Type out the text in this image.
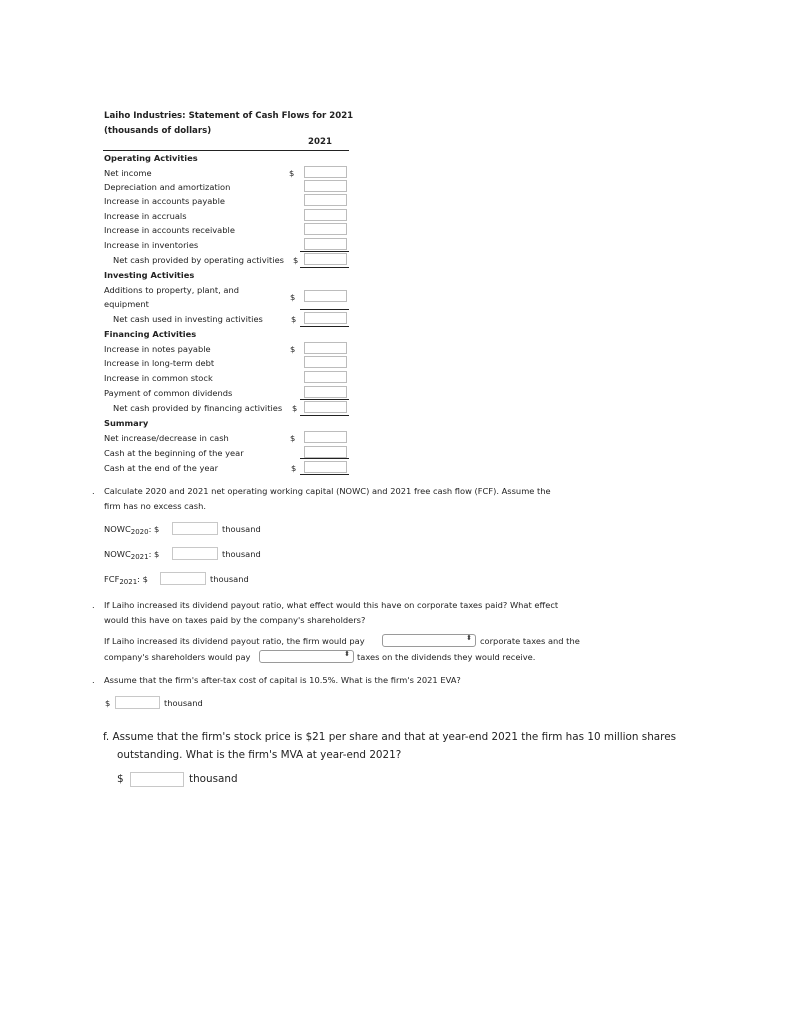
Laiho Industries: Statement of Cash Flows for 2021 (thousands of dollars)
2021
Operating Activities
Net income	$
Depreciation and amortization
Increase in accounts payable
Increase in accruals
Increase in accounts receivable
Increase in inventories
Net cash provided by operating activities $
Investing Activities
Additions to property, plant, and
equipment
$
Net cash used in investing activities	$
Financing Activities
Increase in notes payable	$
Increase in long-term debt
Increase in common stock
Payment of common dividends
Net cash provided by financing activities $
Summary
Net increase/decrease in cash	$
Cash at the beginning of the year
Cash at the end of the year	$
. Calculate 2020 and 2021 net operating working capital (NOWC) and 2021 free cash flow (FCF). Assume the
firm has no excess cash.
$NOWC_{2020}$: $	thousand
$NOWC_{2021}$: $	thousand
$FCF_{2021}$: $	thousand
. If Laiho increased its dividend payout ratio, what effect would this have on corporate taxes paid? What effect
would this have on taxes paid by the company's shareholders?
If Laiho increased its dividend payout ratio, the firm would pay	⬍ corporate taxes and the
company's shareholders would pay	⬍ taxes on the dividends they would receive.
. Assume that the firm's after-tax cost of capital is 10.5%. What is the firm's 2021 EVA?
$	thousand
f. Assume that the firm's stock price is $21 per share and that at year-end 2021 the firm has 10 million shares
outstanding. What is the firm's MVA at year-end 2021?
$	thousand
